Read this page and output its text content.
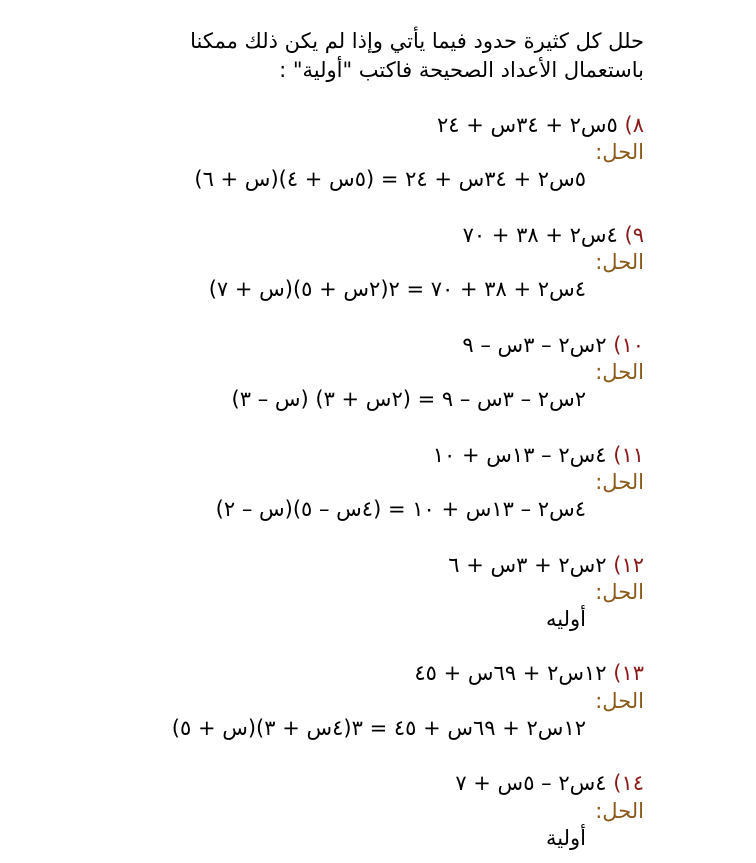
حلل كل كثيرة حدود فيما يأتي وإذا لم يكن ذلك ممكنا
باستعمال الأعداد الصحيحة فاكتب "أولية" :
٨) ٥س٢ + ٣٤س + ٢٤
الحل:
٥س٢ + ٣٤س + ٢٤ = (٥س + ٤)(س + ٦)
٩) ٤س٢ + ٣٨ + ٧٠
الحل:
٤س٢ + ٣٨ + ٧٠ = ٢(٢س + ٥)(س + ٧)
١٠) ٢س٢ – ٣س – ٩
الحل:
٢س٢ – ٣س – ٩ = (٢س + ٣) (س – ٣)
١١) ٤س٢ – ١٣س + ١٠
الحل:
٤س٢ – ١٣س + ١٠ = (٤س – ٥)(س – ٢)
١٢) ٢س٢ + ٣س + ٦
الحل:
أوليه
١٣) ١٢س٢ + ٦٩س + ٤٥
الحل:
١٢س٢ + ٦٩س + ٤٥ = ٣(٤س + ٣)(س + ٥)
١٤) ٤س٢ – ٥س + ٧
الحل:
أولية
